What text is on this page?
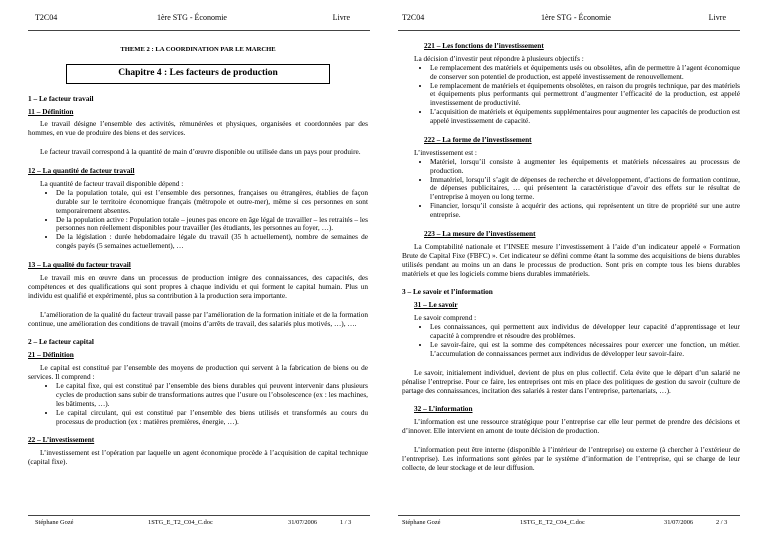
T2C04	1ère STG - Économie	Livre
THEME 2 : LA COORDINATION PAR LE MARCHE
Chapitre 4 : Les facteurs de production
1 – Le facteur travail
11 – Définition

Le travail désigne l’ensemble des activités, rémunérées et physiques, organisées et coordonnées par des hommes, en vue de produire des biens et des services.

Le facteur travail correspond à la quantité de main d’œuvre disponible ou utilisée dans un pays pour produire.

12 – La quantité de facteur travail
La quantité de facteur travail disponible dépend :
• De la population totale, qui est l’ensemble des personnes, françaises ou étrangères, établies de façon durable sur le territoire économique français (métropole et outre-mer), même si ces personnes en sont temporairement absentes.
• De la population active : Population totale – jeunes pas encore en âge légal de travailler – les retraités – les personnes non réellement disponibles pour travailler (les étudiants, les personnes au foyer, …).
• De la législation : durée hebdomadaire légale du travail (35 h actuellement), nombre de semaines de congés payés (5 semaines actuellement), …
13 – La qualité du facteur travail

Le travail mis en œuvre dans un processus de production intègre des connaissances, des capacités, des compétences et des qualifications qui sont propres à chaque individu et qui forment le capital humain. Plus un individu est qualifié et expérimenté, plus sa contribution à la production sera importante.

L’amélioration de la qualité du facteur travail passe par l’amélioration de la formation initiale et de la formation continue, une amélioration des conditions de travail (moins d’arrêts de travail, des salariés plus motivés, …), ….

2 – Le facteur capital
21 – Définition

Le capital est constitué par l’ensemble des moyens de production qui servent à la fabrication de biens ou de services. Il comprend :

• Le capital fixe, qui est constitué par l’ensemble des biens durables qui peuvent intervenir dans plusieurs cycles de production sans subir de transformations autres que l’usure ou l’obsolescence (ex : les machines, les bâtiments, …).
• Le capital circulant, qui est constitué par l’ensemble des biens utilisés et transformés au cours du processus de production (ex : matières premières, énergie, …).
22 – L’investissement

L’investissement est l’opération par laquelle un agent économique procède à l’acquisition de capital technique (capital fixe).

Stéphane Gozé	1STG_E_T2_C04_C.doc	31/07/2006	1 / 3
T2C04	1ère STG - Économie	Livre
221 – Les fonctions de l’investissement
La décision d’investir peut répondre à plusieurs objectifs :
• Le remplacement des matériels et équipements usés ou obsolètes, afin de permettre à l’agent économique de conserver son potentiel de production, est appelé investissement de renouvellement.
• Le remplacement de matériels et équipements obsolètes, en raison du progrès technique, par des matériels et équipements plus performants qui permettront d’augmenter l’efficacité de la production, est appelé investissement de productivité.
• L’acquisition de matériels et équipements supplémentaires pour augmenter les capacités de production est appelé investissement de capacité.
222 – La forme de l’investissement
L’investissement est :
• Matériel, lorsqu’il consiste à augmenter les équipements et matériels nécessaires au processus de production.
• Immatériel, lorsqu’il s’agit de dépenses de recherche et développement, d’actions de formation continue, de dépenses publicitaires, … qui présentent la caractéristique d’avoir des effets sur le résultat de l’entreprise à moyen ou long terme.
• Financier, lorsqu’il consiste à acquérir des actions, qui représentent un titre de propriété sur une autre entreprise.
223 – La mesure de l’investissement

La Comptabilité nationale et l’INSEE mesure l’investissement à l’aide d’un indicateur appelé « Formation Brute de Capital Fixe (FBFC) ». Cet indicateur se défini comme étant la somme des acquisitions de biens durables utilisés pendant au moins un an dans le processus de production. Sont pris en compte tous les biens durables matériels et que les logiciels comme biens durables immatériels.

3 – Le savoir et l’information
31 – Le savoir
Le savoir comprend :
• Les connaissances, qui permettent aux individus de développer leur capacité d’apprentissage et leur capacité à comprendre et résoudre des problèmes.
• Le savoir-faire, qui est la somme des compétences nécessaires pour exercer une fonction, un métier. L’accumulation de connaissances permet aux individus de développer leur savoir-faire.

Le savoir, initialement individuel, devient de plus en plus collectif. Cela évite que le départ d’un salarié ne pénalise l’entreprise. Pour ce faire, les entreprises ont mis en place des politiques de gestion du savoir (culture de partage des connaissances, incitation des salariés à rester dans l’entreprise, partenariats, …).

32 – L’information

L’information est une ressource stratégique pour l’entreprise car elle leur permet de prendre des décisions et d’innover. Elle intervient en amont de toute décision de production.

L’information peut être interne (disponible à l’intérieur de l’entreprise) ou externe (à chercher à l’extérieur de l’entreprise). Les informations sont gérées par le système d’information de l’entreprise, qui se charge de leur collecte, de leur stockage et de leur diffusion.

Stéphane Gozé	1STG_E_T2_C04_C.doc	31/07/2006	2 / 3
